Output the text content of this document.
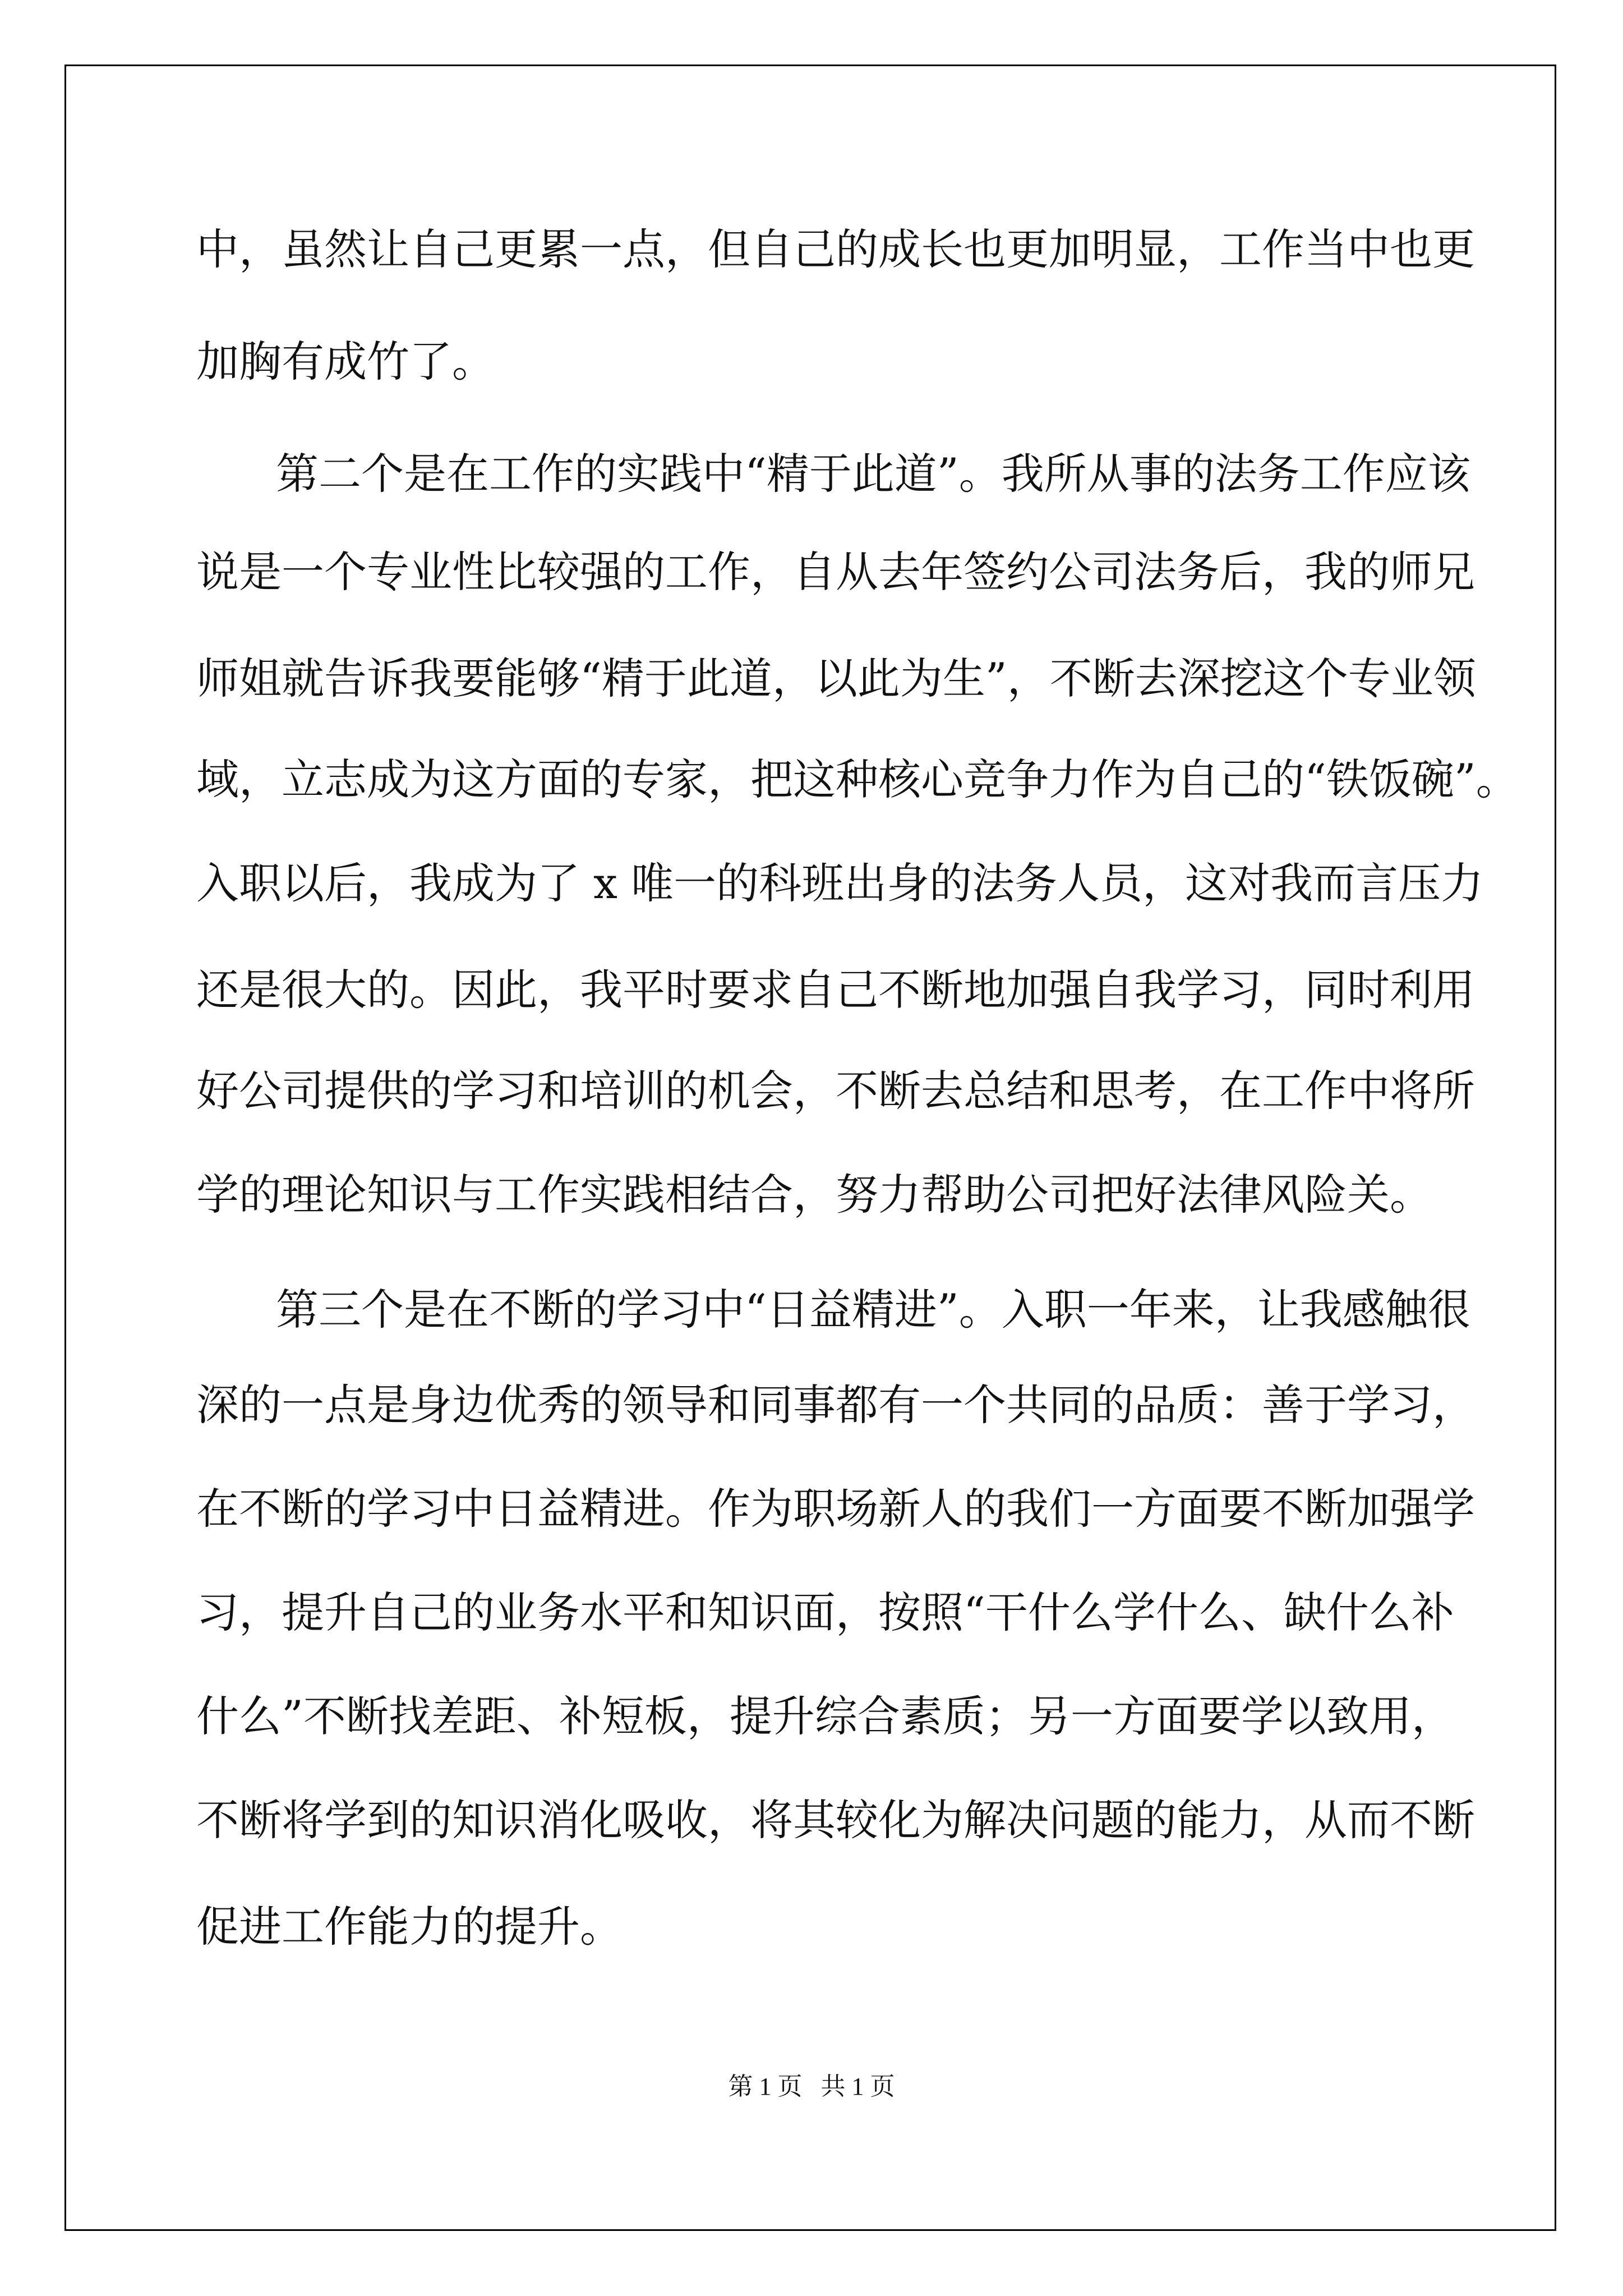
中，虽然让自己更累一点，但自己的成长也更加明显，工作当中也更

加胸有成竹了。

　　第二个是在工作的实践中“精于此道”。我所从事的法务工作应该

说是一个专业性比较强的工作，自从去年签约公司法务后，我的师兄

师姐就告诉我要能够“精于此道，以此为生”，不断去深挖这个专业领

域，立志成为这方面的专家，把这种核心竞争力作为自己的“铁饭碗”。

入职以后，我成为了 x 唯一的科班出身的法务人员，这对我而言压力

还是很大的。因此，我平时要求自己不断地加强自我学习，同时利用

好公司提供的学习和培训的机会，不断去总结和思考，在工作中将所

学的理论知识与工作实践相结合，努力帮助公司把好法律风险关。

　　第三个是在不断的学习中“日益精进”。入职一年来，让我感触很

深的一点是身边优秀的领导和同事都有一个共同的品质：善于学习，

在不断的学习中日益精进。作为职场新人的我们一方面要不断加强学

习，提升自己的业务水平和知识面，按照“干什么学什么、缺什么补

什么”不断找差距、补短板，提升综合素质；另一方面要学以致用，

不断将学到的知识消化吸收，将其较化为解决问题的能力，从而不断

促进工作能力的提升。

第 1 页 共 1 页
